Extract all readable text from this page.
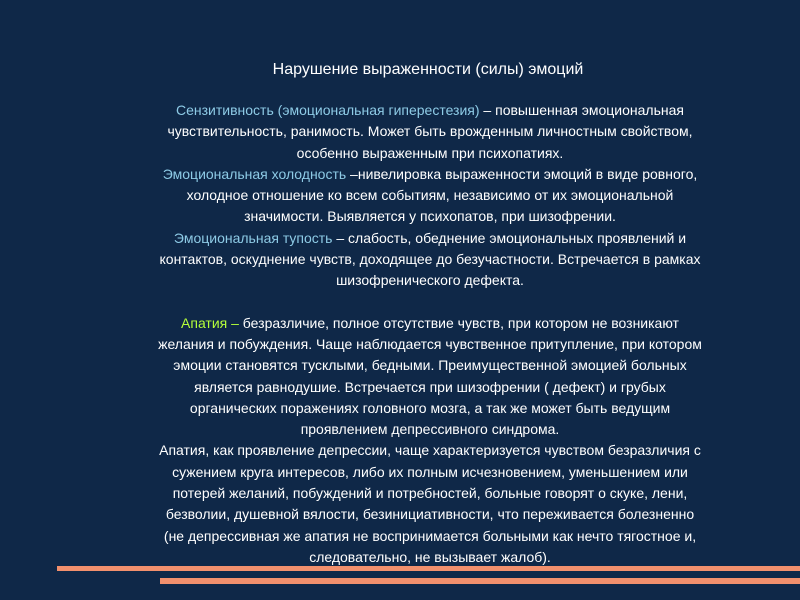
Нарушение выраженности (силы) эмоций
Сензитивность (эмоциональная гиперестезия) – повышенная эмоциональная
чувствительность, ранимость. Может быть врожденным личностным свойством,
особенно выраженным при психопатиях.
Эмоциональная холодность –нивелировка выраженности эмоций в виде ровного,
холодное отношение ко всем событиям, независимо от их эмоциональной
значимости. Выявляется у психопатов, при шизофрении.
Эмоциональная тупость – слабость, обеднение эмоциональных проявлений и
контактов, оскуднение чувств, доходящее до безучастности. Встречается в рамках
шизофренического дефекта.
Апатия – безразличие, полное отсутствие чувств, при котором не возникают
желания и побуждения. Чаще наблюдается чувственное притупление, при котором
эмоции становятся тусклыми, бедными. Преимущественной эмоцией больных
является равнодушие. Встречается при шизофрении ( дефект) и грубых
органических поражениях головного мозга, а так же может быть ведущим
проявлением депрессивного синдрома.
Апатия, как проявление депрессии, чаще характеризуется чувством безразличия с
сужением круга интересов, либо их полным исчезновением, уменьшением или
потерей желаний, побуждений и потребностей, больные говорят о скуке, лени,
безволии, душевной вялости, безинициативности, что переживается болезненно
(не депрессивная же апатия не воспринимается больными как нечто тягостное и,
следовательно, не вызывает жалоб).
